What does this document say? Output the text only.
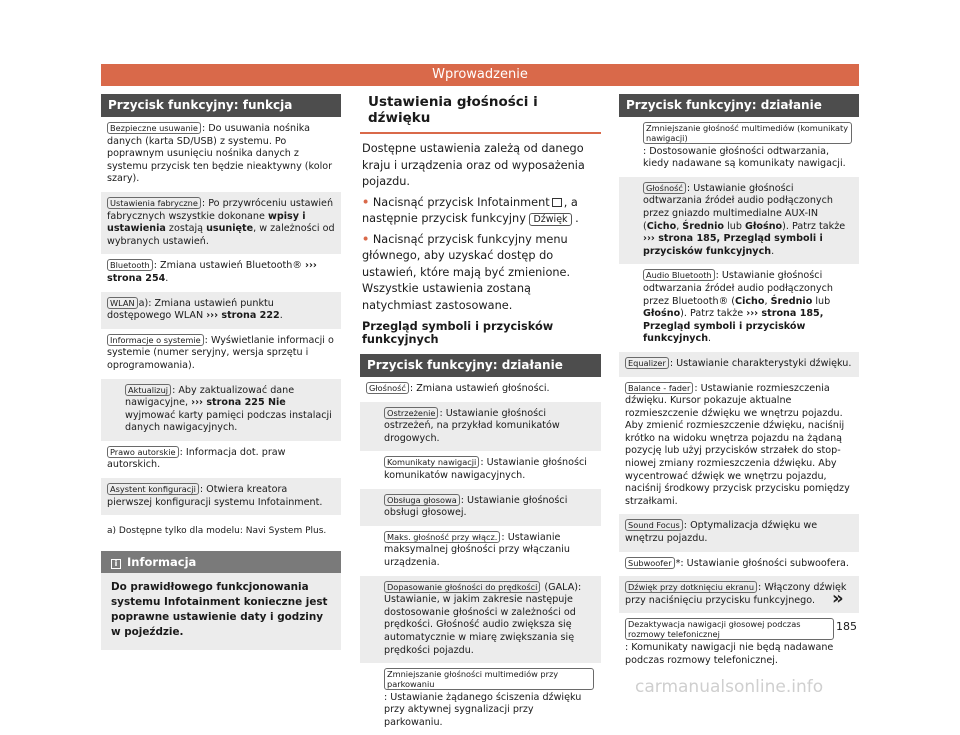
Wprowadzenie
Przycisk funkcyjny: funkcja
Bezpieczne usuwanie : Do usuwania nośnika danych (karta SD/USB) z systemu. Po poprawnym usunięciu nośnika danych z systemu przycisk ten będzie nieaktywny (kolor szary).
Ustawienia fabryczne : Po przywróceniu ustawień fabrycznych wszystkie dokonane wpisy i ustawienia zostają usunięte, w zależności od wybranych ustawień.
Bluetooth : Zmiana ustawień Bluetooth® ››› strona 254.
WLAN a): Zmiana ustawień punktu dostępowego WLAN ››› strona 222.
Informacje o systemie : Wyświetlanie informacji o systemie (numer seryjny, wersja sprzętu i oprogramowania).
Aktualizuj : Aby zaktualizować dane nawigacyjne, ››› strona 225 Nie wyjmować karty pamięci podczas instalacji danych nawigacyjnych.
Prawo autorskie : Informacja dot. praw autorskich.
Asystent konfiguracji : Otwiera kreatora pierwszej konfiguracji systemu Infotainment.
a) Dostępne tylko dla modelu: Navi System Plus.
i Informacja
Do prawidłowego funkcjonowania systemu Infotainment konieczne jest poprawne ustawienie daty i godziny w pojeździe.
Ustawienia głośności i dźwięku
Dostępne ustawienia zależą od danego kraju i urządzenia oraz od wyposażenia pojazdu.
• Nacisnąć przycisk Infotainment , a następnie przycisk funkcyjny Dźwięk .
• Nacisnąć przycisk funkcyjny menu głównego, aby uzyskać dostęp do ustawień, które mają być zmienione. Wszystkie ustawienia zostaną natychmiast zastosowane.
Przegląd symboli i przycisków funkcyjnych
Przycisk funkcyjny: działanie
Głośność : Zmiana ustawień głośności.
Ostrzeżenie : Ustawianie głośności ostrzeżeń, na przykład komunikatów drogowych.
Komunikaty nawigacji : Ustawianie głośności komunikatów nawigacyjnych.
Obsługa głosowa : Ustawianie głośności obsługi głosowej.
Maks. głośność przy włącz. : Ustawianie maksymalnej głośności przy włączaniu urządzenia.
Dopasowanie głośności do prędkości (GALA): Ustawianie, w jakim zakresie następuje dostosowanie głośności w zależności od prędkości. Głośność audio zwiększa się automatycznie w miarę zwiększania się prędkości pojazdu.
Zmniejszanie głośności multimediów przy parkowaniu: Ustawianie żądanego ściszenia dźwięku przy aktywnej sygnalizacji przy parkowaniu.
Przycisk funkcyjny: działanie
Zmniejszanie głośność multimediów (komunikaty nawigacji): Dostosowanie głośności odtwarzania, kiedy nadawane są komunikaty nawigacji.
Głośność : Ustawianie głośności odtwarzania źródeł audio podłączonych przez gniazdo multimedialne AUX-IN (Cicho, Średnio lub Głośno). Patrz także ››› strona 185, Przegląd symboli i przycisków funkcyjnych.
Audio Bluetooth : Ustawianie głośności odtwarzania źródeł audio podłączonych przez Bluetooth® (Cicho, Średnio lub Głośno). Patrz także ››› strona 185, Przegląd symboli i przycisków funkcyjnych.
Equalizer : Ustawianie charakterystyki dźwięku.
Balance - fader : Ustawianie rozmieszczenia dźwięku. Kursor pokazuje aktualne rozmieszczenie dźwięku we wnętrzu pojazdu. Aby zmienić rozmieszczenie dźwięku, naciśnij krótko na widoku wnętrza pojazdu na żądaną pozycję lub użyj przycisków strzałek do stopniowej zmiany rozmieszczenia dźwięku. Aby wycentrować dźwięk we wnętrzu pojazdu, naciśnij środkowy przycisk przycisku pomiędzy strzałkami.
Sound Focus : Optymalizacja dźwięku we wnętrzu pojazdu.
Subwoofer *: Ustawianie głośności subwoofera.
Dźwięk przy dotknięciu ekranu : Włączony dźwięk przy naciśnięciu przycisku funkcyjnego.
Dezaktywacja nawigacji głosowej podczas rozmowy telefonicznej: Komunikaty nawigacji nie będą nadawane podczas rozmowy telefonicznej.
»
185
carmanualsonline.info
